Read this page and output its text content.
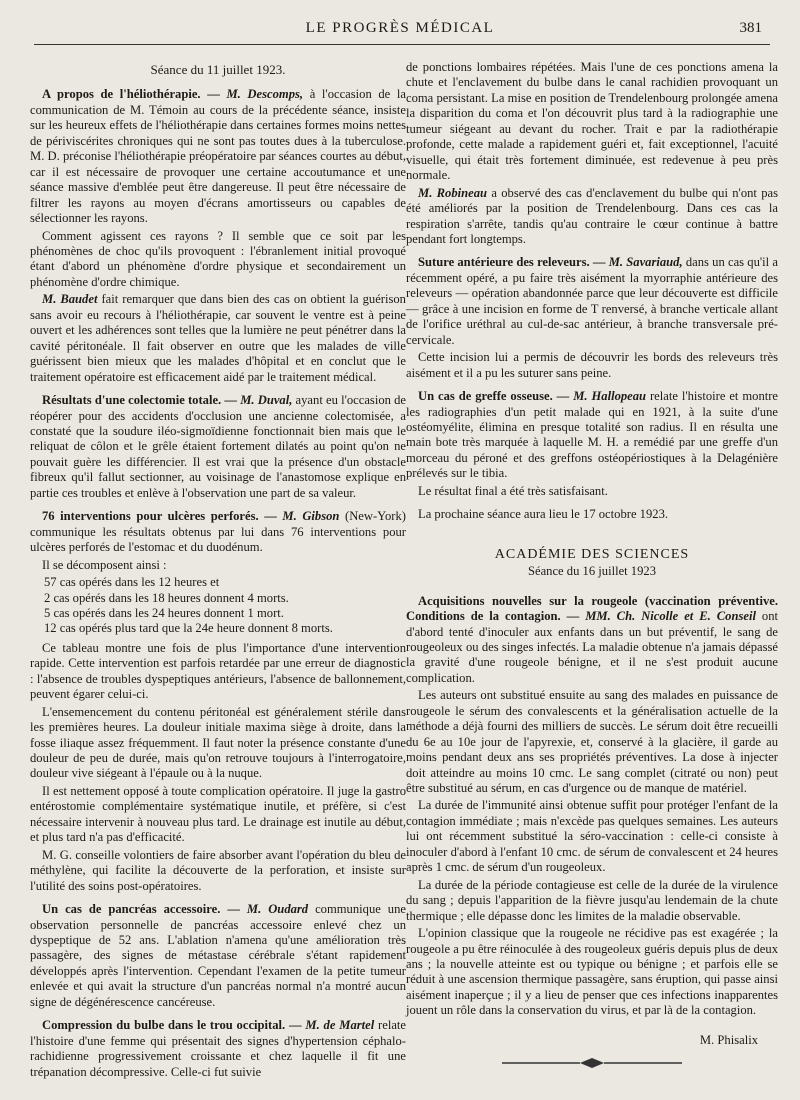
LE PROGRÈS MÉDICAL	381
Séance du 11 juillet 1923.

A propos de l'héliothérapie. — M. Descomps, à l'occasion de la communication de M. Témoin au cours de la précédente séance, insiste sur les heureux effets de l'héliothérapie dans certaines formes moins nettes de périviscérites chroniques qui ne sont pas toutes dues à la tuberculose. M. D. préconise l'héliothérapie préopératoire par séances courtes au début, car il est nécessaire de provoquer une certaine accoutumance et une séance massive d'emblée peut être dangereuse. Il peut être nécessaire de filtrer les rayons au moyen d'écrans amortisseurs ou capables de sélectionner les rayons.

Comment agissent ces rayons ? Il semble que ce soit par les phénomènes de choc qu'ils provoquent : l'ébranlement initial provoqué étant d'abord un phénomène d'ordre physique et secondairement un phénomène d'ordre chimique.

M. Baudet fait remarquer que dans bien des cas on obtient la guérison sans avoir eu recours à l'héliothérapie, car souvent le ventre est à peine ouvert et les adhérences sont telles que la lumière ne peut pénétrer dans la cavité péritonéale. Il fait observer en outre que les malades de ville guérissent bien mieux que les malades d'hôpital et en conclut que le traitement opératoire est efficacement aidé par le traitement médical.

Résultats d'une colectomie totale. — M. Duval, ayant eu l'occasion de réopérer pour des accidents d'occlusion une ancienne colectomisée, a constaté que la soudure iléo-sigmoïdienne fonctionnait bien mais que le reliquat de côlon et le grêle étaient fortement dilatés au point qu'on ne pouvait guère les différencier. Il est vrai que la présence d'un obstacle fibreux qu'il fallut sectionner, au voisinage de l'anastomose explique en partie ces troubles et enlève à l'observation une part de sa valeur.

76 interventions pour ulcères perforés. — M. Gibson (New-York) communique les résultats obtenus par lui dans 76 interventions pour ulcères perforés de l'estomac et du duodénum.

Il se décomposent ainsi :

57 cas opérés dans les 12 heures et
2 cas opérés dans les 18 heures donnent 4 morts.
5 cas opérés dans les 24 heures donnent 1 mort.
12 cas opérés plus tard que la 24e heure donnent 8 morts.

Ce tableau montre une fois de plus l'importance d'une intervention rapide. Cette intervention est parfois retardée par une erreur de diagnostic : l'absence de troubles dyspeptiques antérieurs, l'absence de ballonnement, peuvent égarer celui-ci.

L'ensemencement du contenu péritonéal est généralement stérile dans les premières heures. La douleur initiale maxima siège à droite, dans la fosse iliaque assez fréquemment. Il faut noter la présence constante d'une douleur de peu de durée, mais qu'on retrouve toujours à l'interrogatoire, douleur vive siégeant à l'épaule ou à la nuque.

Il est nettement opposé à toute complication opératoire. Il juge la gastro entérostomie complémentaire systématique inutile, et préfère, si c'est nécessaire intervenir à nouveau plus tard. Le drainage est inutile au début, et plus tard n'a pas d'efficacité.

M. G. conseille volontiers de faire absorber avant l'opération du bleu de méthylène, qui facilite la découverte de la perforation, et insiste sur l'utilité des soins post-opératoires.

Un cas de pancréas accessoire. — M. Oudard communique une observation personnelle de pancréas accessoire enlevé chez un dyspeptique de 52 ans. L'ablation n'amena qu'une amélioration très passagère, des signes de métastase cérébrale s'étant rapidement développés après l'intervention. Cependant l'examen de la petite tumeur enlevée et qui avait la structure d'un pancréas normal n'a montré aucun signe de dégénérescence cancéreuse.

Compression du bulbe dans le trou occipital. — M. de Martel relate l'histoire d'une femme qui présentait des signes d'hypertension céphalo-rachidienne progressivement croissante et chez laquelle il fit une trépanation décompressive. Celle-ci fut suivie

de ponctions lombaires répétées. Mais l'une de ces ponctions amena la chute et l'enclavement du bulbe dans le canal rachidien provoquant un coma persistant. La mise en position de Trendelenbourg prolongée amena la disparition du coma et l'on découvrit plus tard à la radiographie une tumeur siégeant au devant du rocher. Trait e par la radiothérapie profonde, cette malade a rapidement guéri et, fait exceptionnel, l'acuité visuelle, qui était très fortement diminuée, est redevenue à peu près normale.

M. Robineau a observé des cas d'enclavement du bulbe qui n'ont pas été améliorés par la position de Trendelenbourg. Dans ces cas la respiration s'arrête, tandis qu'au contraire le cœur continue à battre pendant fort longtemps.

Suture antérieure des releveurs. — M. Savariaud, dans un cas qu'il a récemment opéré, a pu faire très aisément la myorraphie antérieure des releveurs — opération abandonnée parce que leur découverte est difficile — grâce à une incision en forme de T renversé, à branche verticale allant de l'orifice uréthral au cul-de-sac antérieur, à branche transversale pré-cervicale.

Cette incision lui a permis de découvrir les bords des releveurs très aisément et il a pu les suturer sans peine.

Un cas de greffe osseuse. — M. Hallopeau relate l'histoire et montre les radiographies d'un petit malade qui en 1921, à la suite d'une ostéomyélite, élimina en presque totalité son radius. Il en résulta une main bote très marquée à laquelle M. H. a remédié par une greffe d'un morceau du péroné et des greffons ostéopériostiques à la Delagénière prélevés sur le tibia.

Le résultat final a été très satisfaisant.

La prochaine séance aura lieu le 17 octobre 1923.

ACADÉMIE DES SCIENCES
Séance du 16 juillet 1923

Acquisitions nouvelles sur la rougeole (vaccination préventive. Conditions de la contagion. — MM. Ch. Nicolle et E. Conseil ont d'abord tenté d'inoculer aux enfants dans un but préventif, le sang de rougeoleux ou des singes infectés. La maladie obtenue n'a jamais dépassé la gravité d'une rougeole bénigne, et il ne s'est produit aucune complication.

Les auteurs ont substitué ensuite au sang des malades en puissance de rougeole le sérum des convalescents et la généralisation actuelle de la méthode a déjà fourni des milliers de succès. Le sérum doit être recueilli du 6e au 10e jour de l'apyrexie, et, conservé à la glacière, il garde au moins pendant deux ans ses propriétés préventives. La dose à injecter doit atteindre au moins 10 cmc. Le sang complet (citraté ou non) peut être substitué au sérum, en cas d'urgence ou de manque de matériel.

La durée de l'immunité ainsi obtenue suffit pour protéger l'enfant de la contagion immédiate ; mais n'excède pas quelques semaines. Les auteurs lui ont récemment substitué la séro-vaccination : celle-ci consiste à inoculer d'abord à l'enfant 10 cmc. de sérum de convalescent et 24 heures après 1 cmc. de sérum d'un rougeoleux.

La durée de la période contagieuse est celle de la durée de la virulence du sang ; depuis l'apparition de la fièvre jusqu'au lendemain de la chute thermique ; elle dépasse donc les limites de la maladie observable.

L'opinion classique que la rougeole ne récidive pas est exagérée ; la rougeole a pu être réinoculée à des rougeoleux guéris depuis plus de deux ans ; la nouvelle atteinte est ou typique ou bénigne ; et parfois elle se réduit à une ascension thermique passagère, sans éruption, qui passe ainsi aisément inaperçue ; il y a lieu de penser que ces infections inapparentes jouent un rôle dans la conservation du virus, et par là de la contagion.

M. Phisalix
